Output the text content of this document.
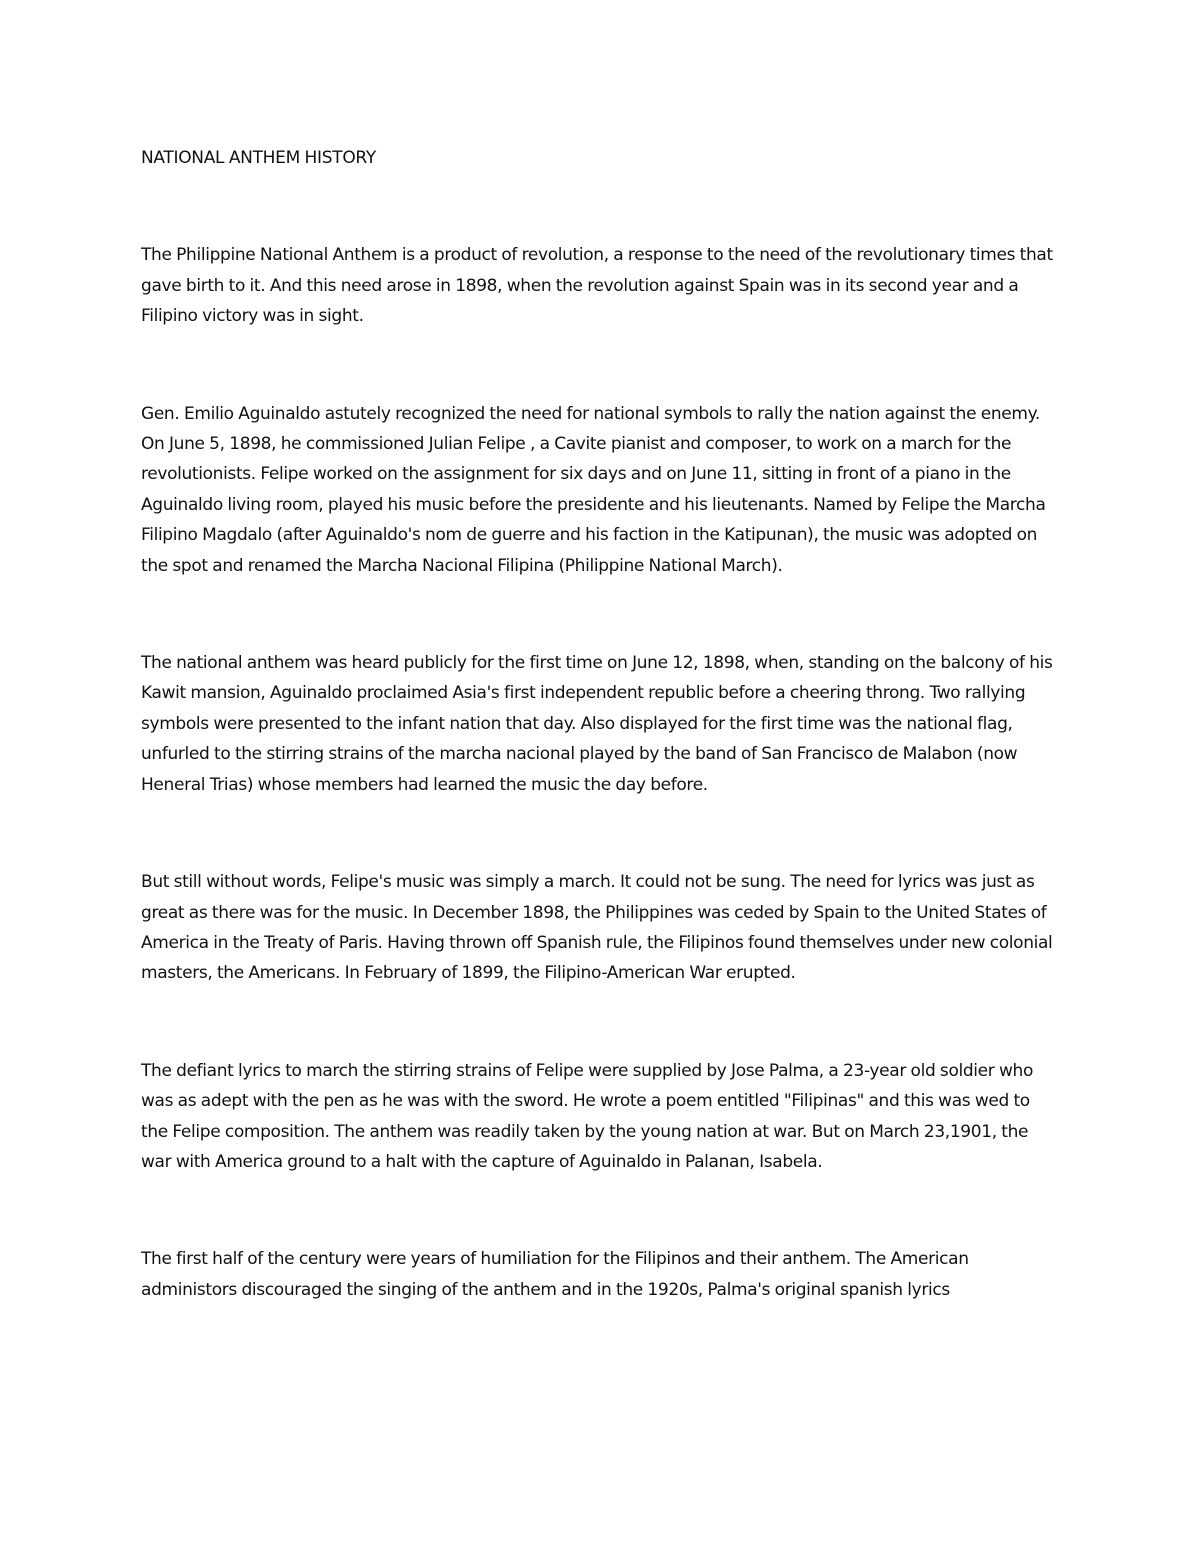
NATIONAL ANTHEM HISTORY

The Philippine National Anthem is a product of revolution, a response to the need of the revolutionary times that gave birth to it. And this need arose in 1898, when the revolution against Spain was in its second year and a Filipino victory was in sight.

Gen. Emilio Aguinaldo astutely recognized the need for national symbols to rally the nation against the enemy. On June 5, 1898, he commissioned Julian Felipe , a Cavite pianist and composer, to work on a march for the revolutionists. Felipe worked on the assignment for six days and on June 11, sitting in front of a piano in the Aguinaldo living room, played his music before the presidente and his lieutenants. Named by Felipe the Marcha Filipino Magdalo (after Aguinaldo's nom de guerre and his faction in the Katipunan), the music was adopted on the spot and renamed the Marcha Nacional Filipina (Philippine National March).

The national anthem was heard publicly for the first time on June 12, 1898, when, standing on the balcony of his Kawit mansion, Aguinaldo proclaimed Asia's first independent republic before a cheering throng. Two rallying symbols were presented to the infant nation that day. Also displayed for the first time was the national flag, unfurled to the stirring strains of the marcha nacional played by the band of San Francisco de Malabon (now Heneral Trias) whose members had learned the music the day before.

But still without words, Felipe's music was simply a march. It could not be sung. The need for lyrics was just as great as there was for the music. In December 1898, the Philippines was ceded by Spain to the United States of America in the Treaty of Paris. Having thrown off Spanish rule, the Filipinos found themselves under new colonial masters, the Americans. In February of 1899, the Filipino-American War erupted.

The defiant lyrics to march the stirring strains of Felipe were supplied by Jose Palma, a 23-year old soldier who was as adept with the pen as he was with the sword. He wrote a poem entitled "Filipinas" and this was wed to the Felipe composition. The anthem was readily taken by the young nation at war. But on March 23,1901, the war with America ground to a halt with the capture of Aguinaldo in Palanan, Isabela.

The first half of the century were years of humiliation for the Filipinos and their anthem. The American administors discouraged the singing of the anthem and in the 1920s, Palma's original spanish lyrics
